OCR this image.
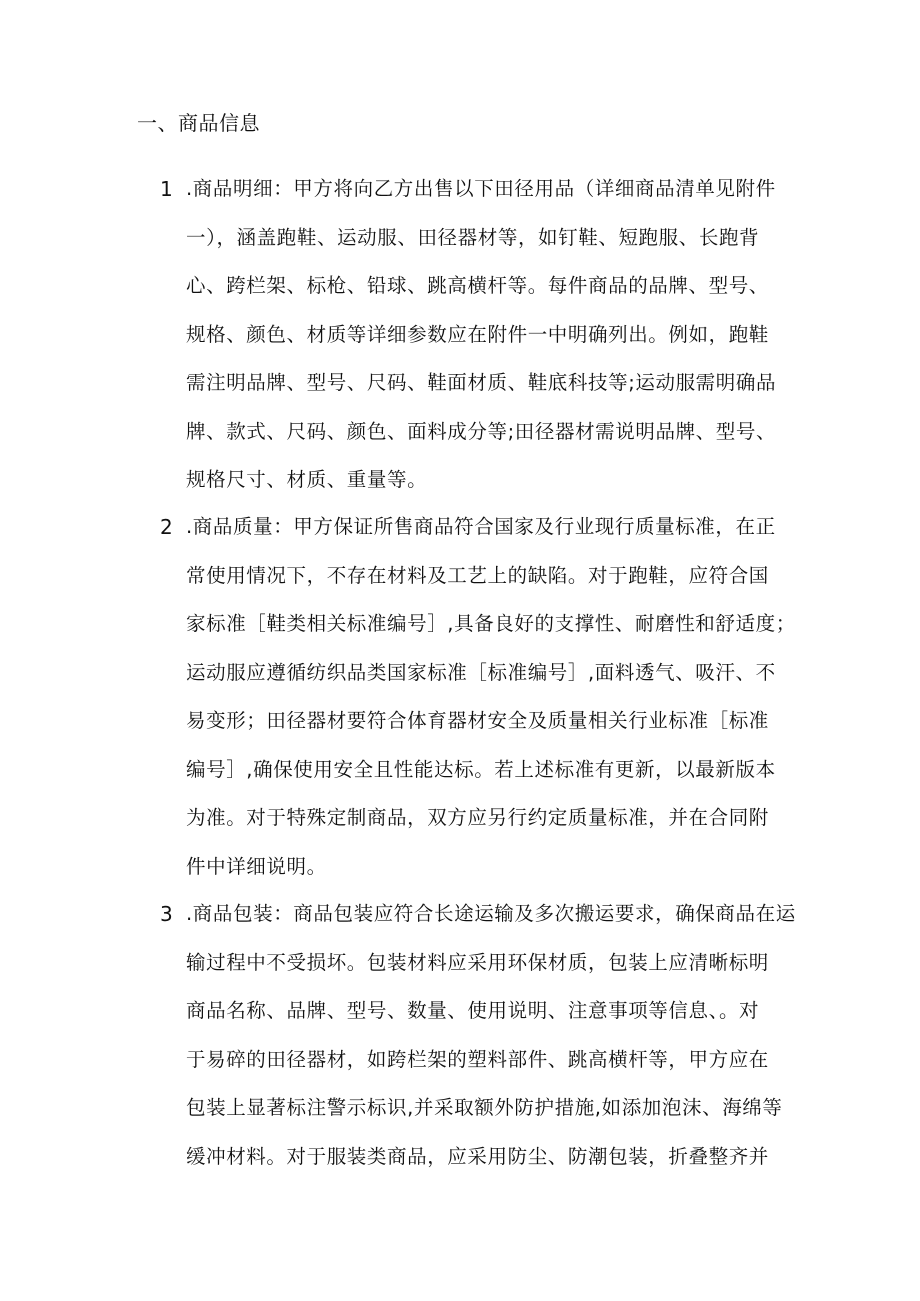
一、商品信息
1 .商品明细：甲方将向乙方出售以下田径用品（详细商品清单见附件
一），涵盖跑鞋、运动服、田径器材等，如钉鞋、短跑服、长跑背
心、跨栏架、标枪、铅球、跳高横杆等。每件商品的品牌、型号、
规格、颜色、材质等详细参数应在附件一中明确列出。例如，跑鞋
需注明品牌、型号、尺码、鞋面材质、鞋底科技等;运动服需明确品
牌、款式、尺码、颜色、面料成分等;田径器材需说明品牌、型号、
规格尺寸、材质、重量等。
2 .商品质量：甲方保证所售商品符合国家及行业现行质量标准，在正
常使用情况下，不存在材料及工艺上的缺陷。对于跑鞋，应符合国
家标准［鞋类相关标准编号］,具备良好的支撑性、耐磨性和舒适度；
运动服应遵循纺织品类国家标准［标准编号］,面料透气、吸汗、不
易变形；田径器材要符合体育器材安全及质量相关行业标准［标准
编号］,确保使用安全且性能达标。若上述标准有更新，以最新版本
为准。对于特殊定制商品，双方应另行约定质量标准，并在合同附
件中详细说明。
3 .商品包装：商品包装应符合长途运输及多次搬运要求，确保商品在运
输过程中不受损坏。包装材料应采用环保材质，包装上应清晰标明
商品名称、品牌、型号、数量、使用说明、注意事项等信息、。对
于易碎的田径器材，如跨栏架的塑料部件、跳高横杆等，甲方应在
包装上显著标注警示标识,并采取额外防护措施,如添加泡沫、海绵等
缓冲材料。对于服装类商品，应采用防尘、防潮包装，折叠整齐并
